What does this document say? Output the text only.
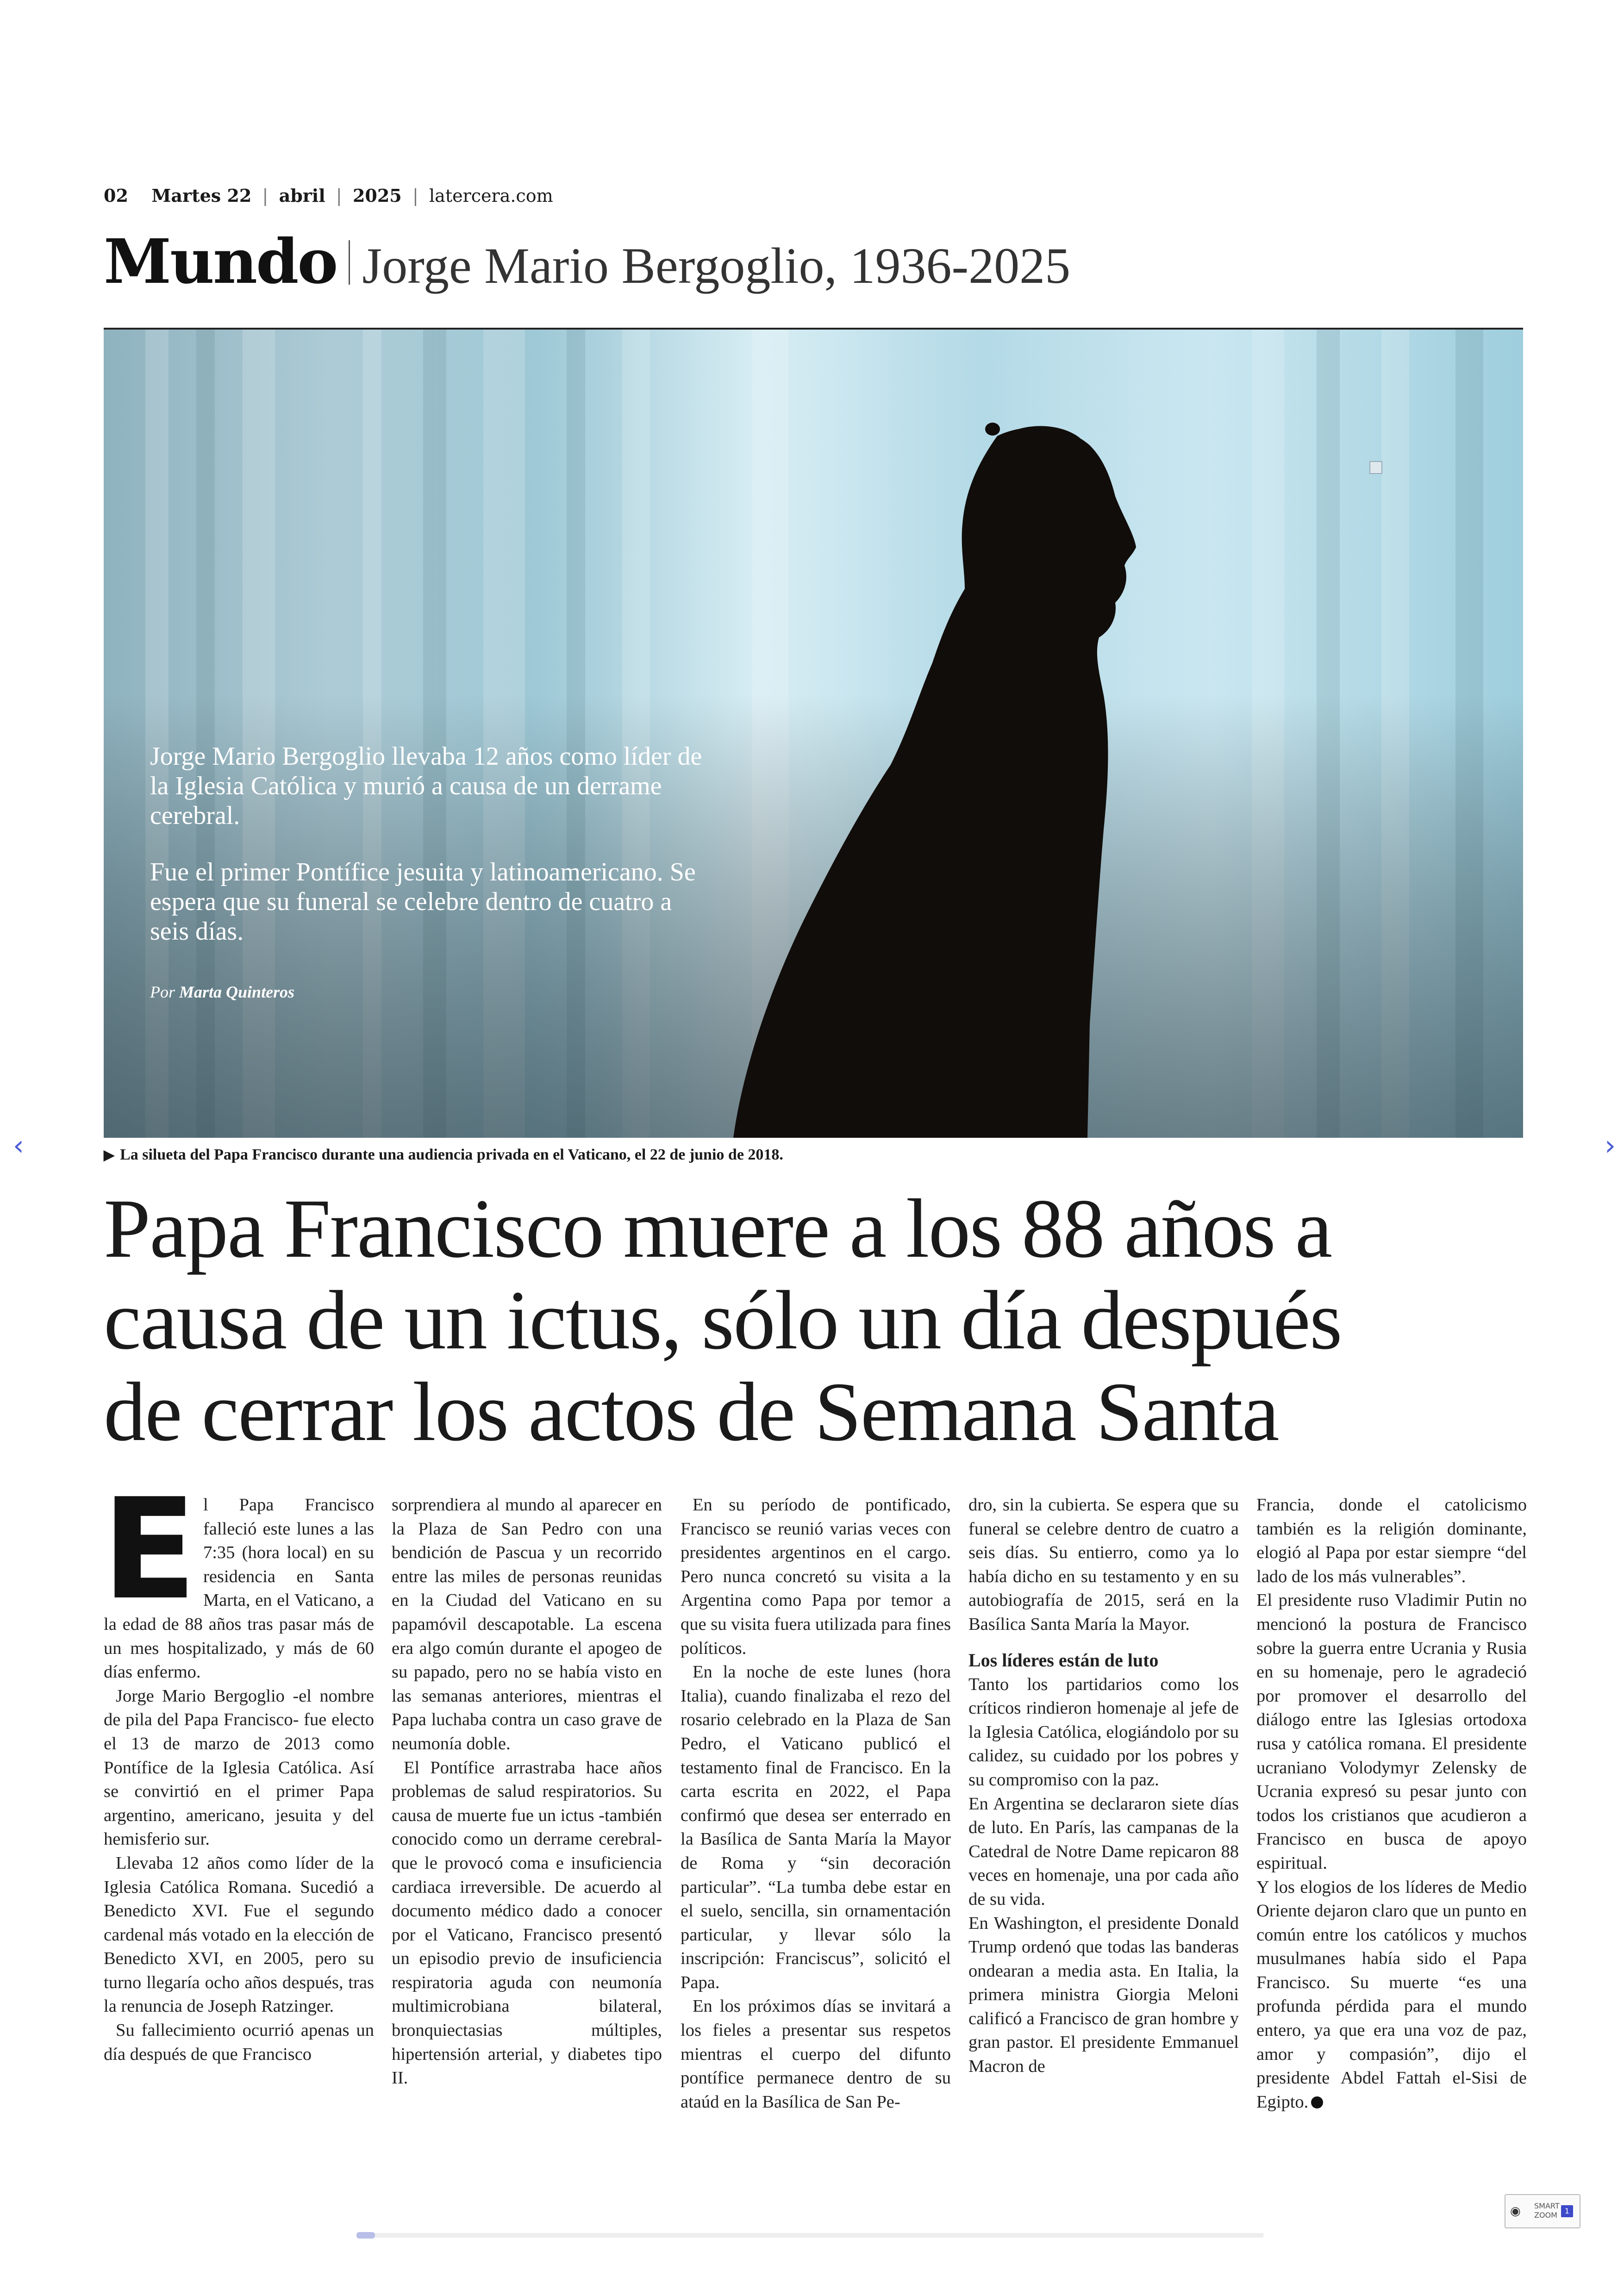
02 Martes 22 | abril | 2025 | latercera.com
Mundo Jorge Mario Bergoglio, 1936-2025

Jorge Mario Bergoglio llevaba 12 años como líder de la Iglesia Católica y murió a causa de un derrame cerebral.

Fue el primer Pontífice jesuita y latinoamericano. Se espera que su funeral se celebre dentro de cuatro a seis días.

Por Marta Quinteros
▶ La silueta del Papa Francisco durante una audiencia privada en el Vaticano, el 22 de junio de 2018.
‹	›
Papa Francisco muere a los 88 años a
causa de un ictus, sólo un día después
de cerrar los actos de Semana Santa
E l Papa Francisco falleció este lunes a las 7:35 (hora local) en su residencia en Santa Marta, en el Vaticano, a la edad de 88 años tras pasar más de un mes hospitalizado, y más de 60 días enfermo.

Jorge Mario Bergoglio -el nombre de pila del Papa Francisco- fue electo el 13 de marzo de 2013 como Pontífice de la Iglesia Católica. Así se convirtió en el primer Papa argentino, americano, jesuita y del hemisferio sur.

Llevaba 12 años como líder de la Iglesia Católica Romana. Sucedió a Benedicto XVI. Fue el segundo cardenal más votado en la elección de Benedicto XVI, en 2005, pero su turno llegaría ocho años después, tras la renuncia de Joseph Ratzinger.

Su fallecimiento ocurrió apenas un día después de que Francisco

sorprendiera al mundo al aparecer en la Plaza de San Pedro con una bendición de Pascua y un recorrido entre las miles de personas reunidas en la Ciudad del Vaticano en su papamóvil descapotable. La escena era algo común durante el apogeo de su papado, pero no se había visto en las semanas anteriores, mientras el Papa luchaba contra un caso grave de neumonía doble.

El Pontífice arrastraba hace años problemas de salud respiratorios. Su causa de muerte fue un ictus -también conocido como un derrame cerebral- que le provocó coma e insuficiencia cardiaca irreversible. De acuerdo al documento médico dado a conocer por el Vaticano, Francisco presentó un episodio previo de insuficiencia respiratoria aguda con neumonía multimicrobiana bilateral, bronquiectasias múltiples, hipertensión arterial, y diabetes tipo II.

En su período de pontificado, Francisco se reunió varias veces con presidentes argentinos en el cargo. Pero nunca concretó su visita a la Argentina como Papa por temor a que su visita fuera utilizada para fines políticos.

En la noche de este lunes (hora Italia), cuando finalizaba el rezo del rosario celebrado en la Plaza de San Pedro, el Vaticano publicó el testamento final de Francisco. En la carta escrita en 2022, el Papa confirmó que desea ser enterrado en la Basílica de Santa María la Mayor de Roma y “sin decoración particular”. “La tumba debe estar en el suelo, sencilla, sin ornamentación particular, y llevar sólo la inscripción: Franciscus”, solicitó el Papa.

En los próximos días se invitará a los fieles a presentar sus respetos mientras el cuerpo del difunto pontífice permanece dentro de su ataúd en la Basílica de San Pe-

dro, sin la cubierta. Se espera que su funeral se celebre dentro de cuatro a seis días. Su entierro, como ya lo había dicho en su testamento y en su autobiografía de 2015, será en la Basílica Santa María la Mayor.

Los líderes están de luto

Tanto los partidarios como los críticos rindieron homenaje al jefe de la Iglesia Católica, elogiándolo por su calidez, su cuidado por los pobres y su compromiso con la paz.

En Argentina se declararon siete días de luto. En París, las campanas de la Catedral de Notre Dame repicaron 88 veces en homenaje, una por cada año de su vida.

En Washington, el presidente Donald Trump ordenó que todas las banderas ondearan a media asta. En Italia, la primera ministra Giorgia Meloni calificó a Francisco de gran hombre y gran pastor. El presidente Emmanuel Macron de

Francia, donde el catolicismo también es la religión dominante, elogió al Papa por estar siempre “del lado de los más vulnerables”.

El presidente ruso Vladimir Putin no mencionó la postura de Francisco sobre la guerra entre Ucrania y Rusia en su homenaje, pero le agradeció por promover el desarrollo del diálogo entre las Iglesias ortodoxa rusa y católica romana. El presidente ucraniano Volodymyr Zelensky de Ucrania expresó su pesar junto con todos los cristianos que acudieron a Francisco en busca de apoyo espiritual.

Y los elogios de los líderes de Medio Oriente dejaron claro que un punto en común entre los católicos y muchos musulmanes había sido el Papa Francisco. Su muerte “es una profunda pérdida para el mundo entero, ya que era una voz de paz, amor y compasión”, dijo el presidente Abdel Fattah el-Sisi de Egipto.

◉ SMART
ZOOM 1
